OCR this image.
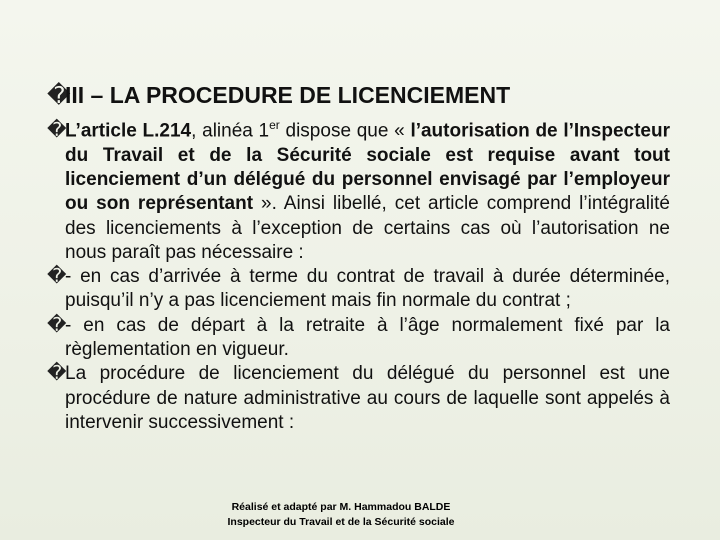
�III – LA PROCEDURE DE LICENCIEMENT

�L’article L.214, alinéa 1er dispose que « l’autorisation de l’Inspecteur du Travail et de la Sécurité sociale est requise avant tout licenciement d’un délégué du personnel envisagé par l’employeur ou son représentant ». Ainsi libellé, cet article comprend l’intégralité des licenciements à l’exception de certains cas où l’autorisation ne nous paraît pas nécessaire :

�- en cas d’arrivée à terme du contrat de travail à durée déterminée, puisqu’il n’y a pas licenciement mais fin normale du contrat ;

�- en cas de départ à la retraite à l’âge normalement fixé par la règlementation en vigueur.

�La procédure de licenciement du délégué du personnel est une procédure de nature administrative au cours de laquelle sont appelés à intervenir successivement :

Réalisé et adapté par M. Hammadou BALDE
Inspecteur du Travail et de la Sécurité sociale
